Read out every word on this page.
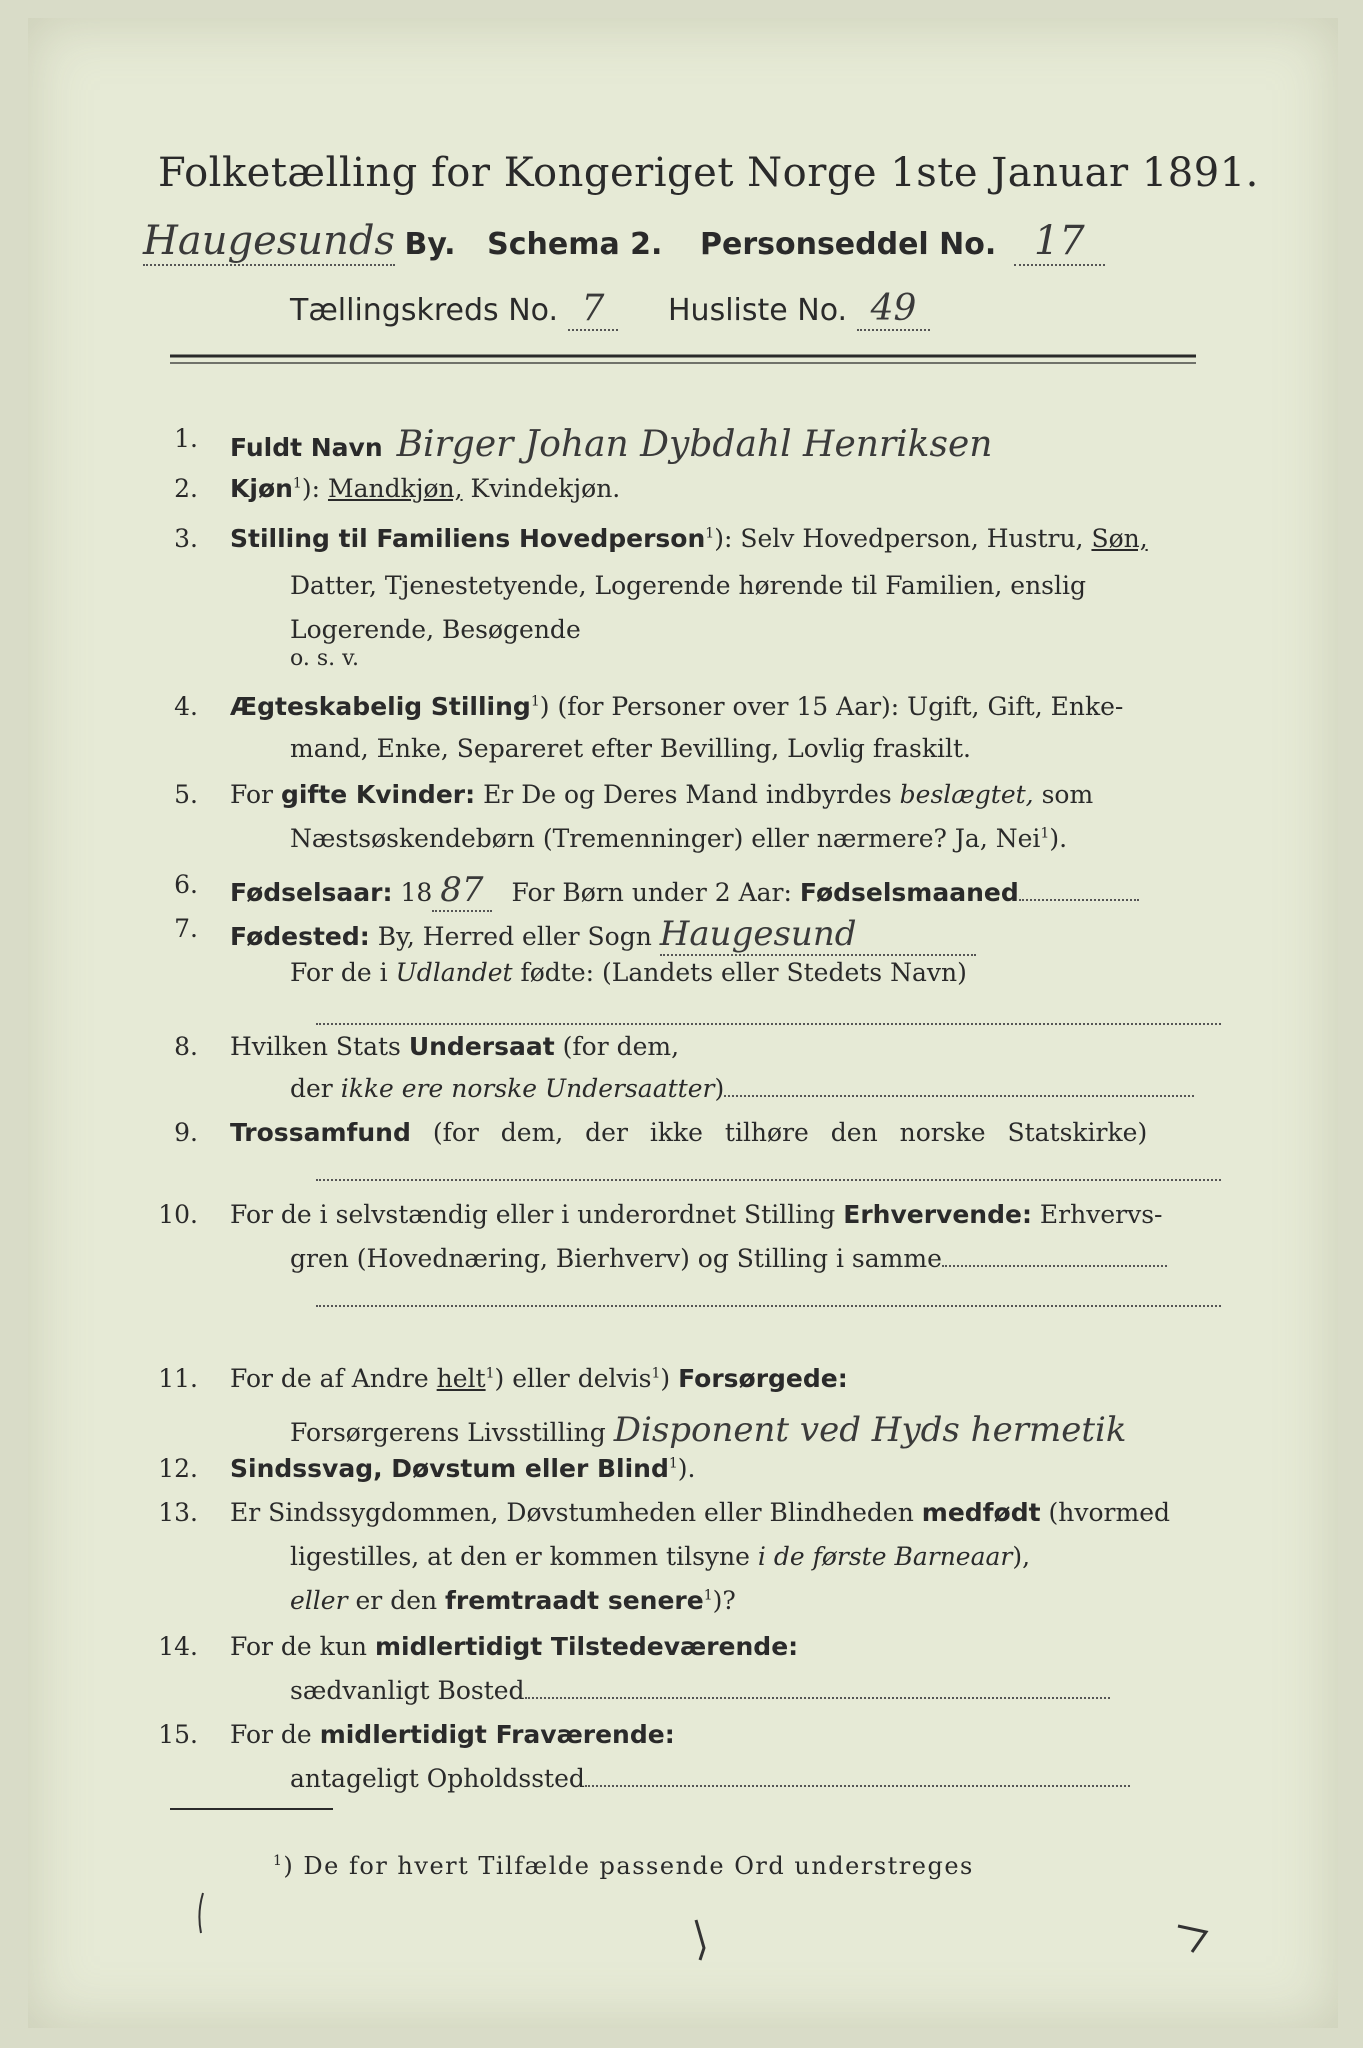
Folketælling for Kongeriget Norge 1ste Januar 1891.
Haugesunds By. Schema 2. Personseddel No. 17
Tællingskreds No. 7 Husliste No. 49
1. Fuldt Navn Birger Johan Dybdahl Henriksen
2. Kjøn$^1$): Mandkjøn, Kvindekjøn.
3. Stilling til Familiens Hovedperson$^1$): Selv Hovedperson, Hustru, Søn,
Datter, Tjenestetyende, Logerende hørende til Familien, enslig
Logerende, Besøgende
o. s. v.
4. Ægteskabelig Stilling$^1$) (for Personer over 15 Aar): Ugift, Gift, Enke-
mand, Enke, Separeret efter Bevilling, Lovlig fraskilt.
5. For gifte Kvinder: Er De og Deres Mand indbyrdes beslægtet, som
Næstsøskendebørn (Tremenninger) eller nærmere? Ja, Nei$^1$).
6. Fødselsaar: 18 87 For Børn under 2 Aar: Fødselsmaaned
7. Fødested: By, Herred eller Sogn Haugesund
For de i Udlandet fødte: (Landets eller Stedets Navn)
8. Hvilken Stats Undersaat (for dem,
der ikke ere norske Undersaatter)
9. Trossamfund (for dem, der ikke tilhøre den norske Statskirke)
10. For de i selvstændig eller i underordnet Stilling Erhvervende: Erhvervs-
gren (Hovednæring, Bierhverv) og Stilling i samme
11. For de af Andre helt$^1$) eller delvis$^1$) Forsørgede:
Forsørgerens Livsstilling Disponent ved Hyds hermetik
12. Sindssvag, Døvstum eller Blind$^1$).
13. Er Sindssygdommen, Døvstumheden eller Blindheden medfødt (hvormed
ligestilles, at den er kommen tilsyne i de første Barneaar),
eller er den fremtraadt senere$^1$)?
14. For de kun midlertidigt Tilstedeværende:
sædvanligt Bosted
15. For de midlertidigt Fraværende:
antageligt Opholdssted
$^1$) De for hvert Tilfælde passende Ord understreges
